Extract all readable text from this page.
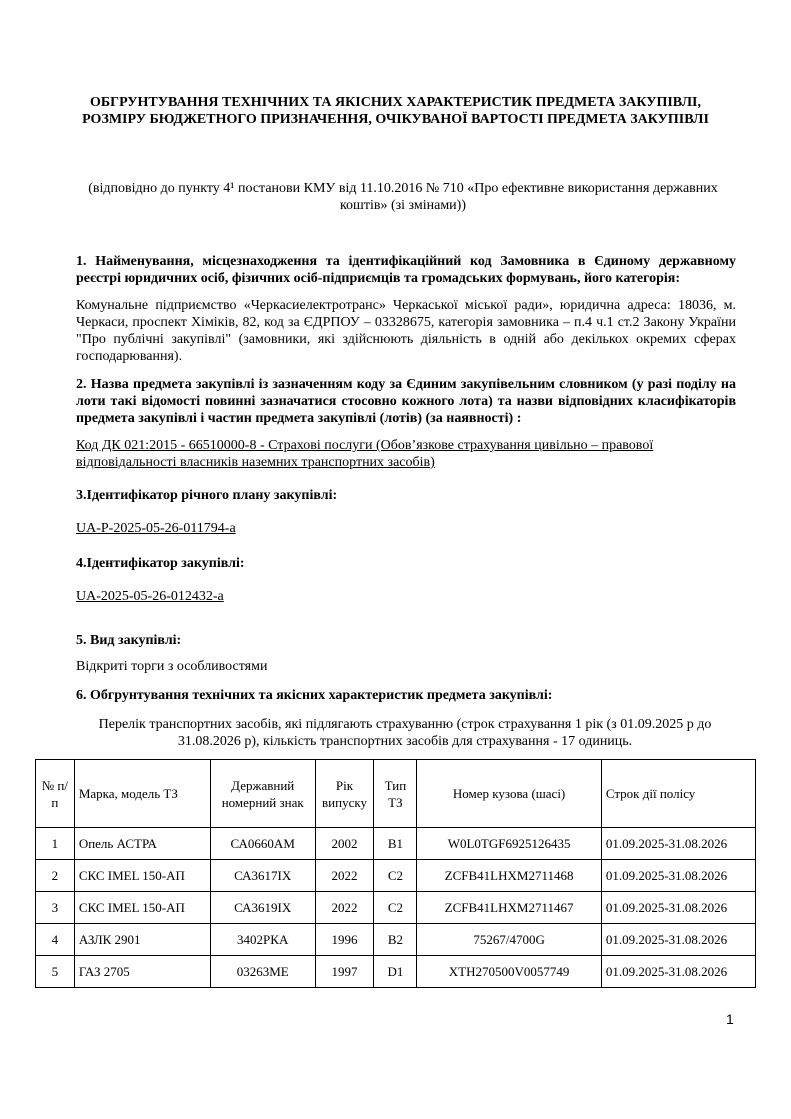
ОБГРУНТУВАННЯ ТЕХНІЧНИХ ТА ЯКІСНИХ ХАРАКТЕРИСТИК ПРЕДМЕТА ЗАКУПІВЛІ, РОЗМІРУ БЮДЖЕТНОГО ПРИЗНАЧЕННЯ, ОЧІКУВАНОЇ ВАРТОСТІ ПРЕДМЕТА ЗАКУПІВЛІ
(відповідно до пункту 4¹ постанови КМУ від 11.10.2016 № 710 «Про ефективне використання державних коштів» (зі змінами))
1. Найменування, місцезнаходження та ідентифікаційний код Замовника в Єдиному державному реєстрі юридичних осіб, фізичних осіб-підприємців та громадських формувань, його категорія:
Комунальне підприємство «Черкасиелектротранс» Черкаської міської ради», юридична адреса: 18036, м. Черкаси, проспект Хіміків, 82, код за ЄДРПОУ – 03328675, категорія замовника – п.4 ч.1 ст.2 Закону України "Про публічні закупівлі" (замовники, які здійснюють діяльність в одній або декількох окремих сферах господарювання).
2. Назва предмета закупівлі із зазначенням коду за Єдиним закупівельним словником (у разі поділу на лоти такі відомості повинні зазначатися стосовно кожного лота) та назви відповідних класифікаторів предмета закупівлі і частин предмета закупівлі (лотів) (за наявності) :
Код ДК 021:2015 - 66510000-8 - Страхові послуги (Обов’язкове страхування цивільно – правової відповідальності власників наземних транспортних засобів)
3.Ідентифікатор річного плану закупівлі:
UA-P-2025-05-26-011794-a
4.Ідентифікатор закупівлі:
UA-2025-05-26-012432-a
5. Вид закупівлі:
Відкриті торги з особливостями
6. Обгрунтування технічних та якісних характеристик предмета закупівлі:
Перелік транспортних засобів, які підлягають страхуванню (строк страхування 1 рік (з 01.09.2025 р до 31.08.2026 р), кількість транспортних засобів для страхування - 17 одиниць.
№ п/п	Марка, модель ТЗ	Державний номерний знак	Рік випуску	Тип ТЗ	Номер кузова (шасі)	Строк дії полісу
1	Опель АСТРА	СА0660АМ	2002	В1	W0L0TGF6925126435	01.09.2025-31.08.2026
2	СКС IMEL 150-АП	СА3617ІХ	2022	С2	ZCFB41LHXM2711468	01.09.2025-31.08.2026
3	СКС IMEL 150-АП	СА3619ІХ	2022	С2	ZCFB41LHXM2711467	01.09.2025-31.08.2026
4	АЗЛК 2901	3402РКА	1996	В2	75267/4700G	01.09.2025-31.08.2026
5	ГАЗ 2705	03263МЕ	1997	D1	XTH270500V0057749	01.09.2025-31.08.2026
1
